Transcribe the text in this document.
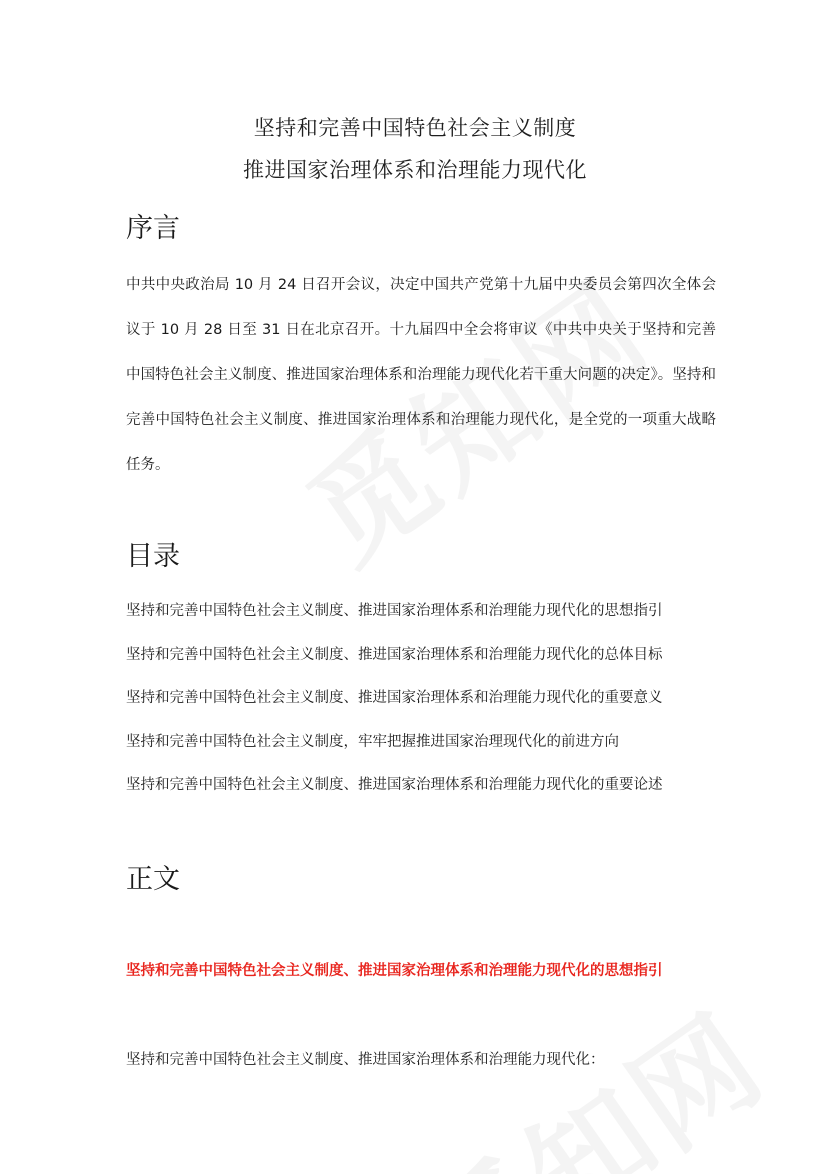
坚持和完善中国特色社会主义制度
推进国家治理体系和治理能力现代化
序言

中共中央政治局 10 月 24 日召开会议，决定中国共产党第十九届中央委员会第四次全体会议于 10 月 28 日至 31 日在北京召开。十九届四中全会将审议《中共中央关于坚持和完善中国特色社会主义制度、推进国家治理体系和治理能力现代化若干重大问题的决定》。坚持和完善中国特色社会主义制度、推进国家治理体系和治理能力现代化，是全党的一项重大战略任务。

目录
坚持和完善中国特色社会主义制度、推进国家治理体系和治理能力现代化的思想指引
坚持和完善中国特色社会主义制度、推进国家治理体系和治理能力现代化的总体目标
坚持和完善中国特色社会主义制度、推进国家治理体系和治理能力现代化的重要意义
坚持和完善中国特色社会主义制度，牢牢把握推进国家治理现代化的前进方向
坚持和完善中国特色社会主义制度、推进国家治理体系和治理能力现代化的重要论述
正文
坚持和完善中国特色社会主义制度、推进国家治理体系和治理能力现代化的思想指引

坚持和完善中国特色社会主义制度、推进国家治理体系和治理能力现代化：
